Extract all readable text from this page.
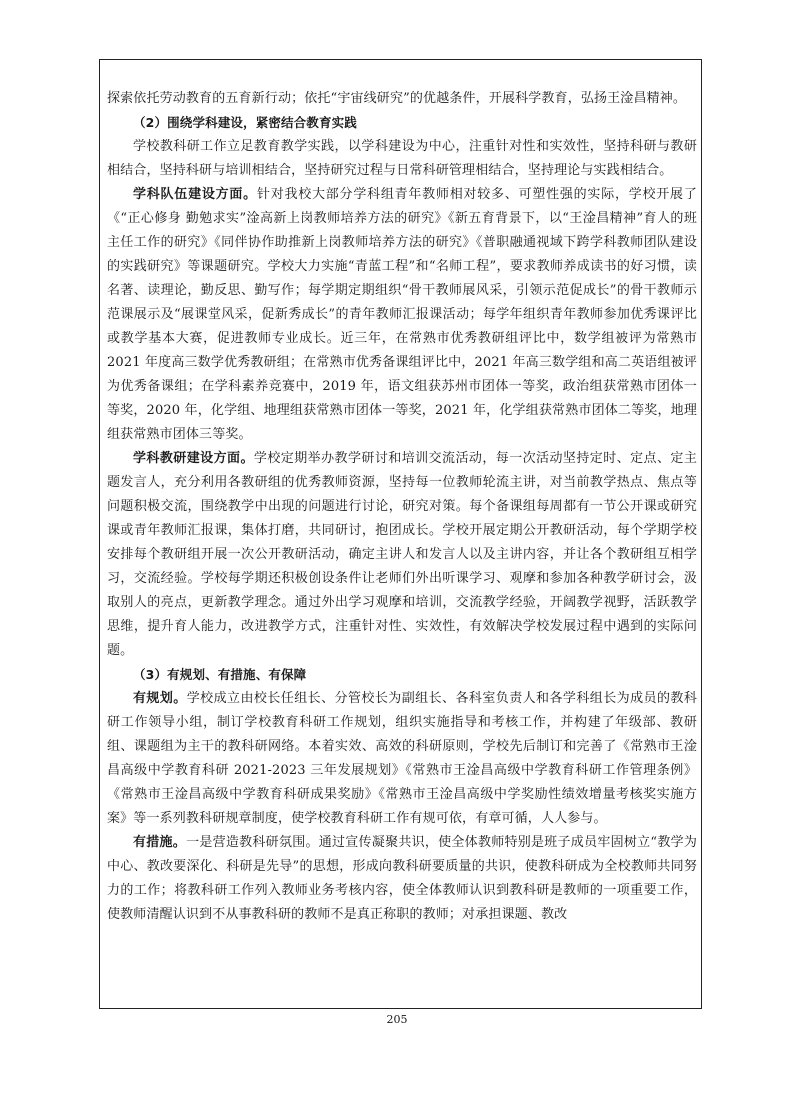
探索依托劳动教育的五育新行动；依托“宇宙线研究”的优越条件，开展科学教育，弘扬王淦昌精神。

（2）围绕学科建设，紧密结合教育实践

学校教科研工作立足教育教学实践，以学科建设为中心，注重针对性和实效性，坚持科研与教研相结合，坚持科研与培训相结合，坚持研究过程与日常科研管理相结合，坚持理论与实践相结合。

学科队伍建设方面。针对我校大部分学科组青年教师相对较多、可塑性强的实际，学校开展了《“正心修身 勤勉求实”淦高新上岗教师培养方法的研究》《新五育背景下，以“王淦昌精神”育人的班主任工作的研究》《同伴协作助推新上岗教师培养方法的研究》《普职融通视域下跨学科教师团队建设的实践研究》等课题研究。学校大力实施“青蓝工程”和“名师工程”，要求教师养成读书的好习惯，读名著、读理论，勤反思、勤写作；每学期定期组织“骨干教师展风采，引领示范促成长”的骨干教师示范课展示及“展课堂风采，促新秀成长”的青年教师汇报课活动；每学年组织青年教师参加优秀课评比或教学基本大赛，促进教师专业成长。近三年，在常熟市优秀教研组评比中，数学组被评为常熟市 2021 年度高三数学优秀教研组；在常熟市优秀备课组评比中，2021 年高三数学组和高二英语组被评为优秀备课组；在学科素养竞赛中，2019 年，语文组获苏州市团体一等奖，政治组获常熟市团体一等奖，2020 年，化学组、地理组获常熟市团体一等奖，2021 年，化学组获常熟市团体二等奖，地理组获常熟市团体三等奖。

学科教研建设方面。学校定期举办教学研讨和培训交流活动，每一次活动坚持定时、定点、定主题发言人，充分利用各教研组的优秀教师资源，坚持每一位教师轮流主讲，对当前教学热点、焦点等问题积极交流，围绕教学中出现的问题进行讨论，研究对策。每个备课组每周都有一节公开课或研究课或青年教师汇报课，集体打磨，共同研讨，抱团成长。学校开展定期公开教研活动，每个学期学校安排每个教研组开展一次公开教研活动，确定主讲人和发言人以及主讲内容，并让各个教研组互相学习，交流经验。学校每学期还积极创设条件让老师们外出听课学习、观摩和参加各种教学研讨会，汲取别人的亮点，更新教学理念。通过外出学习观摩和培训，交流教学经验，开阔教学视野，活跃教学思维，提升育人能力，改进教学方式，注重针对性、实效性，有效解决学校发展过程中遇到的实际问题。

（3）有规划、有措施、有保障

有规划。学校成立由校长任组长、分管校长为副组长、各科室负责人和各学科组长为成员的教科研工作领导小组，制订学校教育科研工作规划，组织实施指导和考核工作，并构建了年级部、教研组、课题组为主干的教科研网络。本着实效、高效的科研原则，学校先后制订和完善了《常熟市王淦昌高级中学教育科研 2021-2023 三年发展规划》《常熟市王淦昌高级中学教育科研工作管理条例》《常熟市王淦昌高级中学教育科研成果奖励》《常熟市王淦昌高级中学奖励性绩效增量考核奖实施方案》等一系列教科研规章制度，使学校教育科研工作有规可依，有章可循，人人参与。

有措施。一是营造教科研氛围。通过宣传凝聚共识，使全体教师特别是班子成员牢固树立“教学为中心、教改要深化、科研是先导”的思想，形成向教科研要质量的共识，使教科研成为全校教师共同努力的工作；将教科研工作列入教师业务考核内容，使全体教师认识到教科研是教师的一项重要工作，使教师清醒认识到不从事教科研的教师不是真正称职的教师；对承担课题、教改

205
